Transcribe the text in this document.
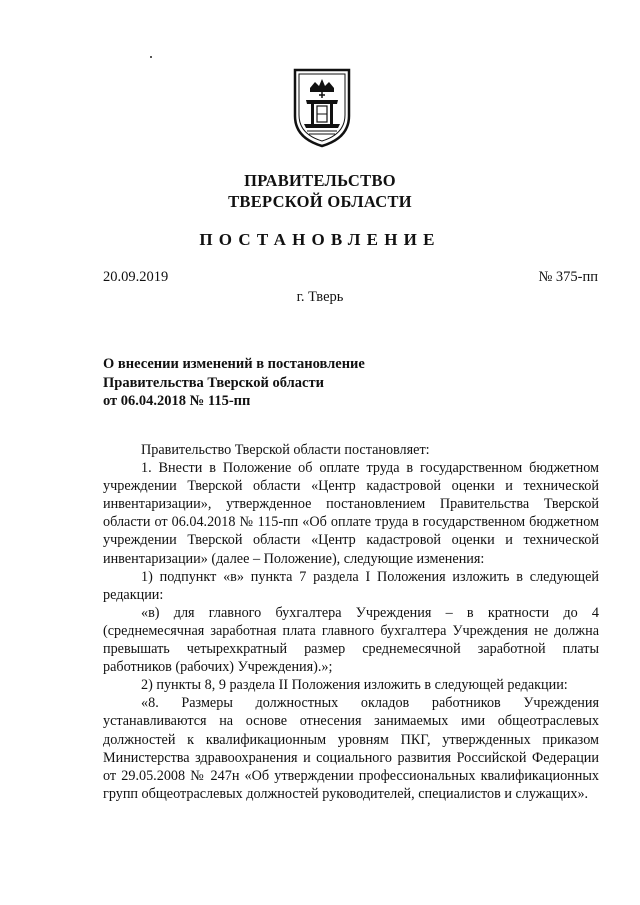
ПРАВИТЕЛЬСТВО
ТВЕРСКОЙ ОБЛАСТИ
ПОСТАНОВЛЕНИЕ
20.09.2019	№ 375-пп
г. Тверь
О внесении изменений в постановление
Правительства Тверской области
от 06.04.2018 № 115-пп

Правительство Тверской области постановляет:

1. Внести в Положение об оплате труда в государственном бюджетном учреждении Тверской области «Центр кадастровой оценки и технической инвентаризации», утвержденное постановлением Правительства Тверской области от 06.04.2018 № 115-пп «Об оплате труда в государственном бюджетном учреждении Тверской области «Центр кадастровой оценки и технической инвентаризации» (далее – Положение), следующие изменения:

1) подпункт «в» пункта 7 раздела I Положения изложить в следующей редакции:

«в) для главного бухгалтера Учреждения – в кратности до 4 (среднемесячная заработная плата главного бухгалтера Учреждения не должна превышать четырехкратный размер среднемесячной заработной платы работников (рабочих) Учреждения).»;

2) пункты 8, 9 раздела II Положения изложить в следующей редакции:

«8. Размеры должностных окладов работников Учреждения устанавливаются на основе отнесения занимаемых ими общеотраслевых должностей к квалификационным уровням ПКГ, утвержденных приказом Министерства здравоохранения и социального развития Российской Федерации от 29.05.2008 № 247н «Об утверждении профессиональных квалификационных групп общеотраслевых должностей руководителей, специалистов и служащих».
